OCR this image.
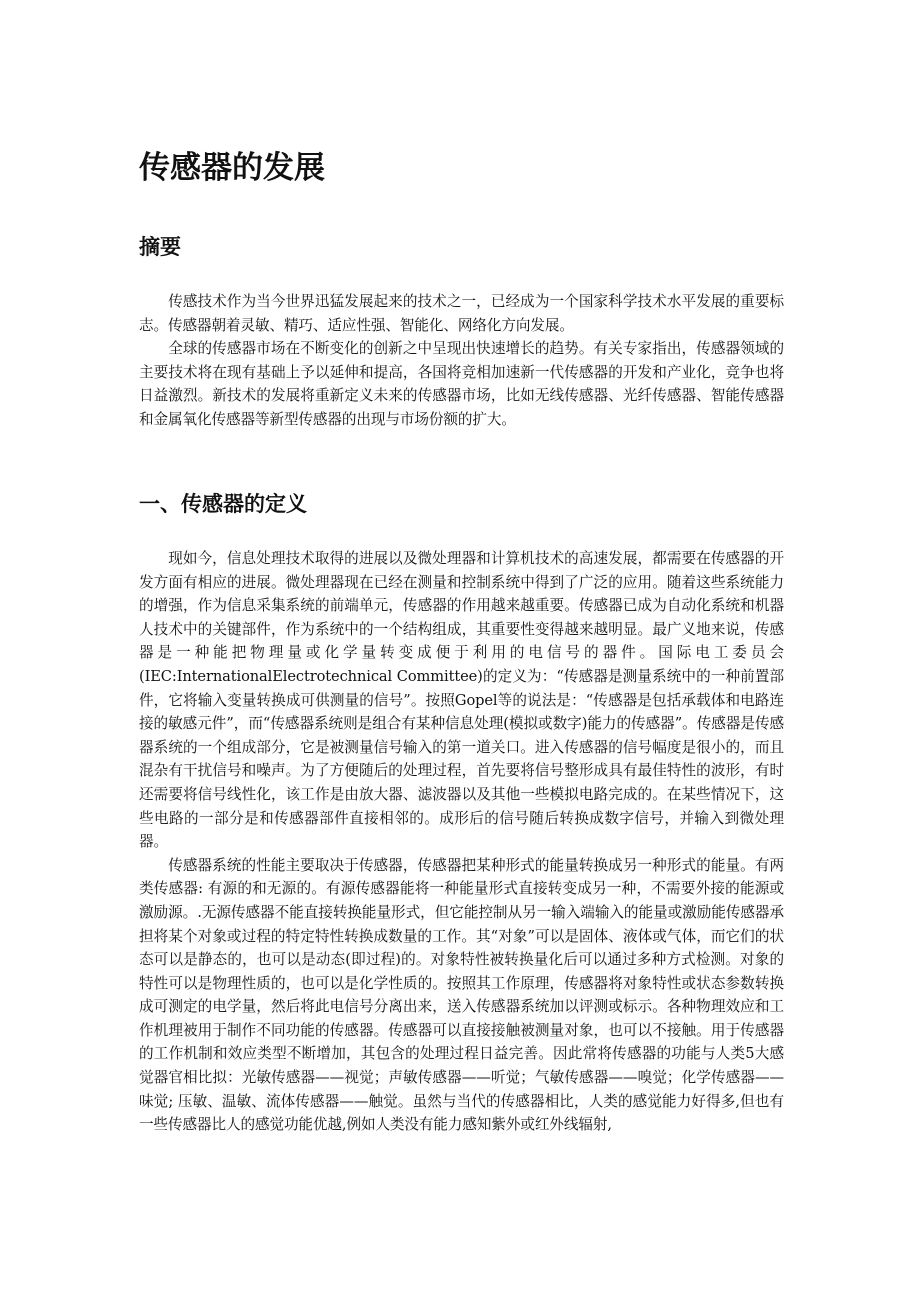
传感器的发展
摘要

传感技术作为当今世界迅猛发展起来的技术之一，已经成为一个国家科学技术水平发展的重要标志。传感器朝着灵敏、精巧、适应性强、智能化、网络化方向发展。

全球的传感器市场在不断变化的创新之中呈现出快速增长的趋势。有关专家指出，传感器领域的主要技术将在现有基础上予以延伸和提高，各国将竞相加速新一代传感器的开发和产业化，竞争也将日益激烈。新技术的发展将重新定义未来的传感器市场，比如无线传感器、光纤传感器、智能传感器和金属氧化传感器等新型传感器的出现与市场份额的扩大。

一、传感器的定义

现如今，信息处理技术取得的进展以及微处理器和计算机技术的高速发展，都需要在传感器的开发方面有相应的进展。微处理器现在已经在测量和控制系统中得到了广泛的应用。随着这些系统能力的增强，作为信息采集系统的前端单元，传感器的作用越来越重要。传感器已成为自动化系统和机器人技术中的关键部件，作为系统中的一个结构组成，其重要性变得越来越明显。最广义地来说，传感器是一种能把物理量或化学量转变成便于利用的电信号的器件。国际电工委员会(IEC:InternationalElectrotechnical Committee)的定义为：“传感器是测量系统中的一种前置部件，它将输入变量转换成可供测量的信号”。按照Gopel等的说法是：“传感器是包括承载体和电路连接的敏感元件”，而“传感器系统则是组合有某种信息处理(模拟或数字)能力的传感器”。传感器是传感器系统的一个组成部分，它是被测量信号输入的第一道关口。进入传感器的信号幅度是很小的，而且混杂有干扰信号和噪声。为了方便随后的处理过程，首先要将信号整形成具有最佳特性的波形，有时还需要将信号线性化，该工作是由放大器、滤波器以及其他一些模拟电路完成的。在某些情况下，这些电路的一部分是和传感器部件直接相邻的。成形后的信号随后转换成数字信号，并输入到微处理器。

传感器系统的性能主要取决于传感器，传感器把某种形式的能量转换成另一种形式的能量。有两类传感器: 有源的和无源的。有源传感器能将一种能量形式直接转变成另一种，不需要外接的能源或激励源。.无源传感器不能直接转换能量形式，但它能控制从另一输入端输入的能量或激励能传感器承担将某个对象或过程的特定特性转换成数量的工作。其“对象”可以是固体、液体或气体，而它们的状态可以是静态的，也可以是动态(即过程)的。对象特性被转换量化后可以通过多种方式检测。对象的特性可以是物理性质的，也可以是化学性质的。按照其工作原理，传感器将对象特性或状态参数转换成可测定的电学量，然后将此电信号分离出来，送入传感器系统加以评测或标示。各种物理效应和工作机理被用于制作不同功能的传感器。传感器可以直接接触被测量对象，也可以不接触。用于传感器的工作机制和效应类型不断增加，其包含的处理过程日益完善。因此常将传感器的功能与人类5大感觉器官相比拟：光敏传感器——视觉；声敏传感器——听觉；气敏传感器——嗅觉；化学传感器——味觉; 压敏、温敏、流体传感器——触觉。虽然与当代的传感器相比，人类的感觉能力好得多,但也有一些传感器比人的感觉功能优越,例如人类没有能力感知紫外或红外线辐射,
